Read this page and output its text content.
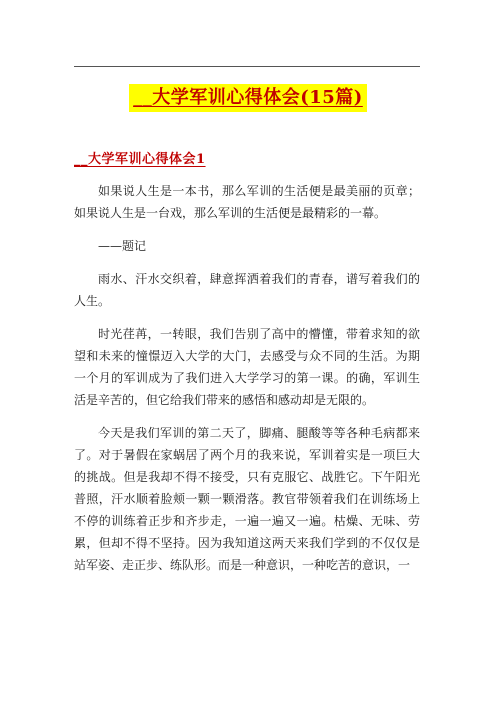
__大学军训心得体会(15篇)
__大学军训心得体会1

如果说人生是一本书，那么军训的生活便是最美丽的页章；如果说人生是一台戏，那么军训的生活便是最精彩的一幕。

——题记

雨水、汗水交织着，肆意挥洒着我们的青春，谱写着我们的人生。

时光荏苒，一转眼，我们告别了高中的懵懂，带着求知的欲望和未来的憧憬迈入大学的大门，去感受与众不同的生活。为期一个月的军训成为了我们进入大学学习的第一课。的确，军训生活是辛苦的，但它给我们带来的感悟和感动却是无限的。

今天是我们军训的第二天了，脚痛、腿酸等等各种毛病都来了。对于暑假在家蜗居了两个月的我来说，军训着实是一项巨大的挑战。但是我却不得不接受，只有克服它、战胜它。下午阳光普照，汗水顺着脸颊一颗一颗滑落。教官带领着我们在训练场上不停的训练着正步和齐步走，一遍一遍又一遍。枯燥、无味、劳累，但却不得不坚持。因为我知道这两天来我们学到的不仅仅是站军姿、走正步、练队形。而是一种意识，一种吃苦的意识，一
